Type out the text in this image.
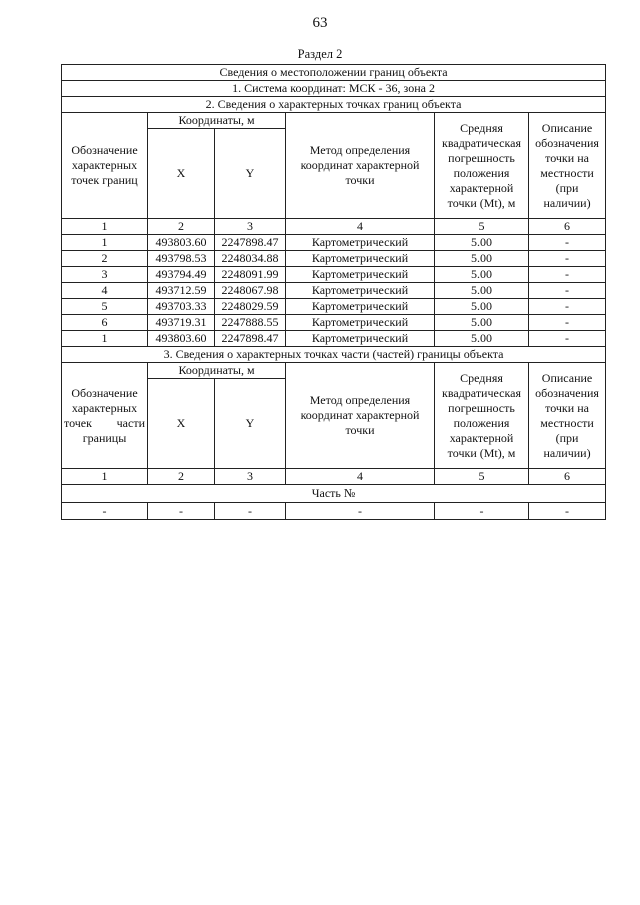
63
Раздел 2
Сведения о местоположении границ объекта					
1. Система координат: МСК - 36, зона 2					
2. Сведения о характерных точках границ объекта					
Обозначение характерных точек границ	Координаты, м		Метод определения координат характерной точки	Средняя квадратическая погрешность положения характерной точки (Mt), м	Описание обозначения точки на местности (при наличии)
	X	Y			
1	2	3	4	5	6
1	493803.60	2247898.47	Картометрический	5.00	-
2	493798.53	2248034.88	Картометрический	5.00	-
3	493794.49	2248091.99	Картометрический	5.00	-
4	493712.59	2248067.98	Картометрический	5.00	-
5	493703.33	2248029.59	Картометрический	5.00	-
6	493719.31	2247888.55	Картометрический	5.00	-
1	493803.60	2247898.47	Картометрический	5.00	-
3. Сведения о характерных точках части (частей) границы объекта					
Обозначение
характерных

точек части
границы	Координаты, м		Метод определения координат характерной точки	Средняя квадратическая погрешность положения характерной точки (Mt), м	Описание обозначения точки на местности (при наличии)
	X	Y			
1	2	3	4	5	6
Часть №					
-	-	-	-	-	-
